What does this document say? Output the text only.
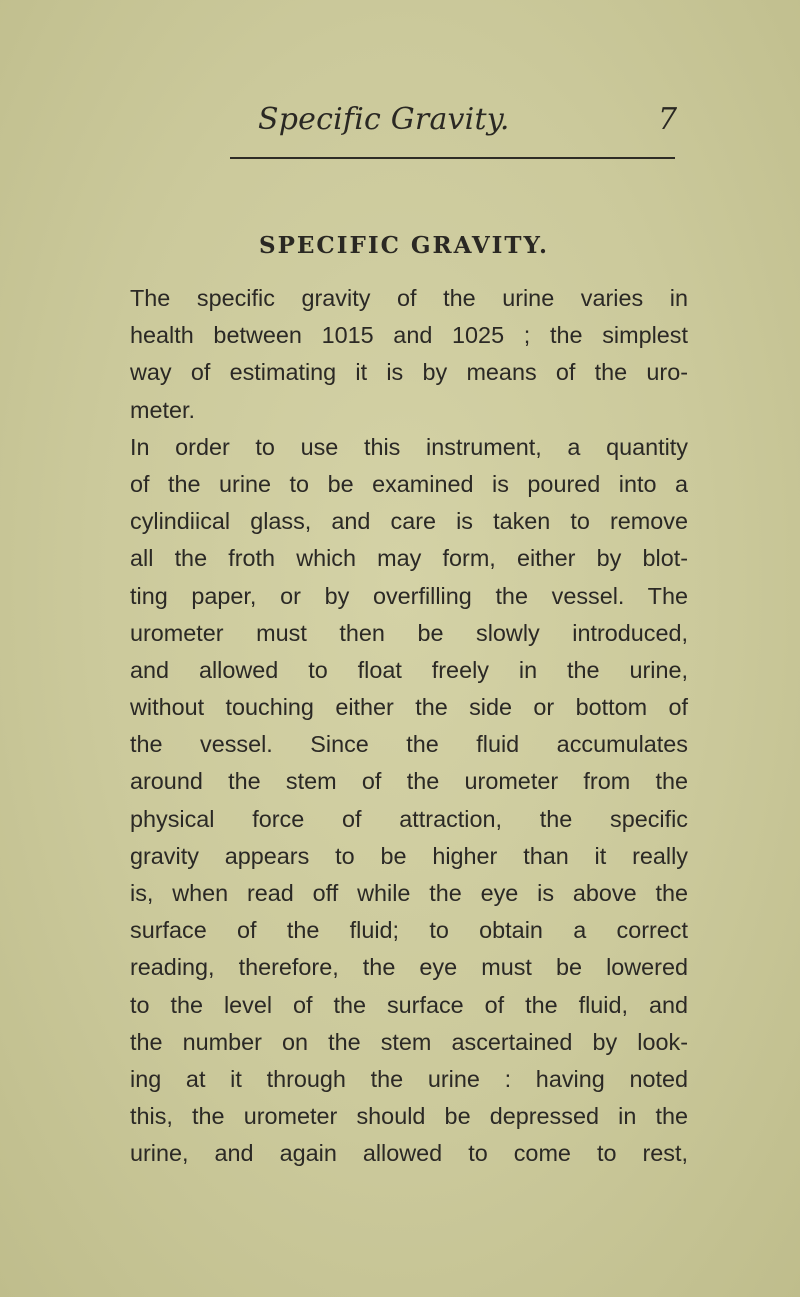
Specific Gravity.	7
SPECIFIC GRAVITY.
The specific gravity of the urine varies in
health between 1015 and 1025 ; the simplest
way of estimating it is by means of the uro-
meter.
In order to use this instrument, a quantity
of the urine to be examined is poured into a
cylindiical glass, and care is taken to remove
all the froth which may form, either by blot-
ting paper, or by overfilling the vessel. The
urometer must then be slowly introduced,
and allowed to float freely in the urine,
without touching either the side or bottom of
the vessel. Since the fluid accumulates
around the stem of the urometer from the
physical force of attraction, the specific
gravity appears to be higher than it really
is, when read off while the eye is above the
surface of the fluid; to obtain a correct
reading, therefore, the eye must be lowered
to the level of the surface of the fluid, and
the number on the stem ascertained by look-
ing at it through the urine : having noted
this, the urometer should be depressed in the
urine, and again allowed to come to rest,
